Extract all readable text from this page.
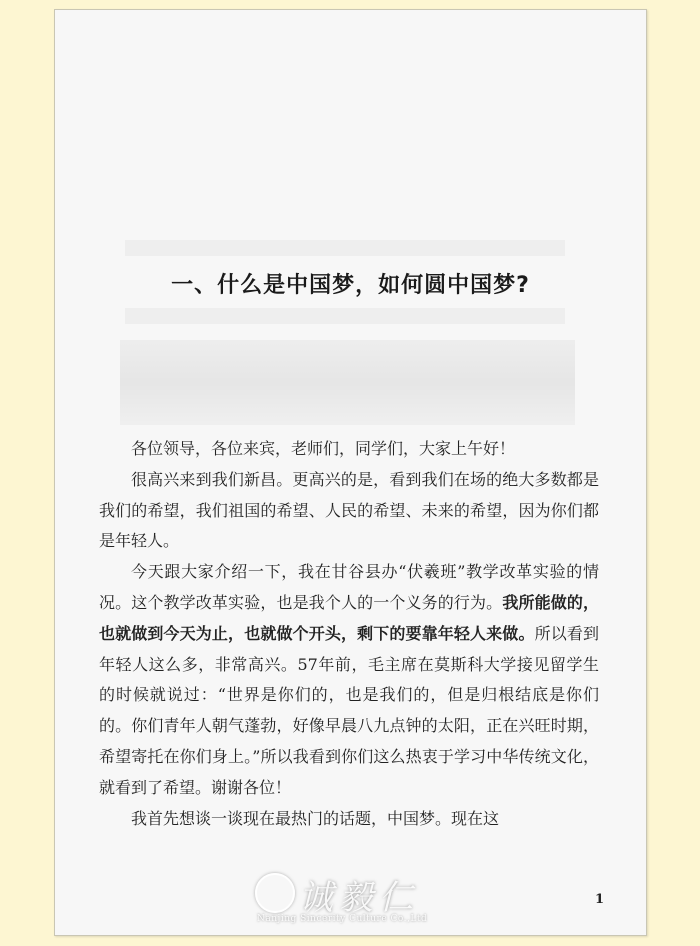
一、什么是中国梦，如何圆中国梦?

各位领导，各位来宾，老师们，同学们，大家上午好！

很高兴来到我们新昌。更高兴的是，看到我们在场的绝大多数都是我们的希望，我们祖国的希望、人民的希望、未来的希望，因为你们都是年轻人。

今天跟大家介绍一下，我在甘谷县办“伏羲班”教学改革实验的情况。这个教学改革实验，也是我个人的一个义务的行为。我所能做的，也就做到今天为止，也就做个开头，剩下的要靠年轻人来做。所以看到年轻人这么多，非常高兴。57年前，毛主席在莫斯科大学接见留学生的时候就说过：“世界是你们的，也是我们的，但是归根结底是你们的。你们青年人朝气蓬勃，好像早晨八九点钟的太阳，正在兴旺时期，希望寄托在你们身上。”所以我看到你们这么热衷于学习中华传统文化，就看到了希望。谢谢各位！

我首先想谈一谈现在最热门的话题，中国梦。现在这

1
诚毅仁
Nanjing Sincerity Culture Co.,Ltd
